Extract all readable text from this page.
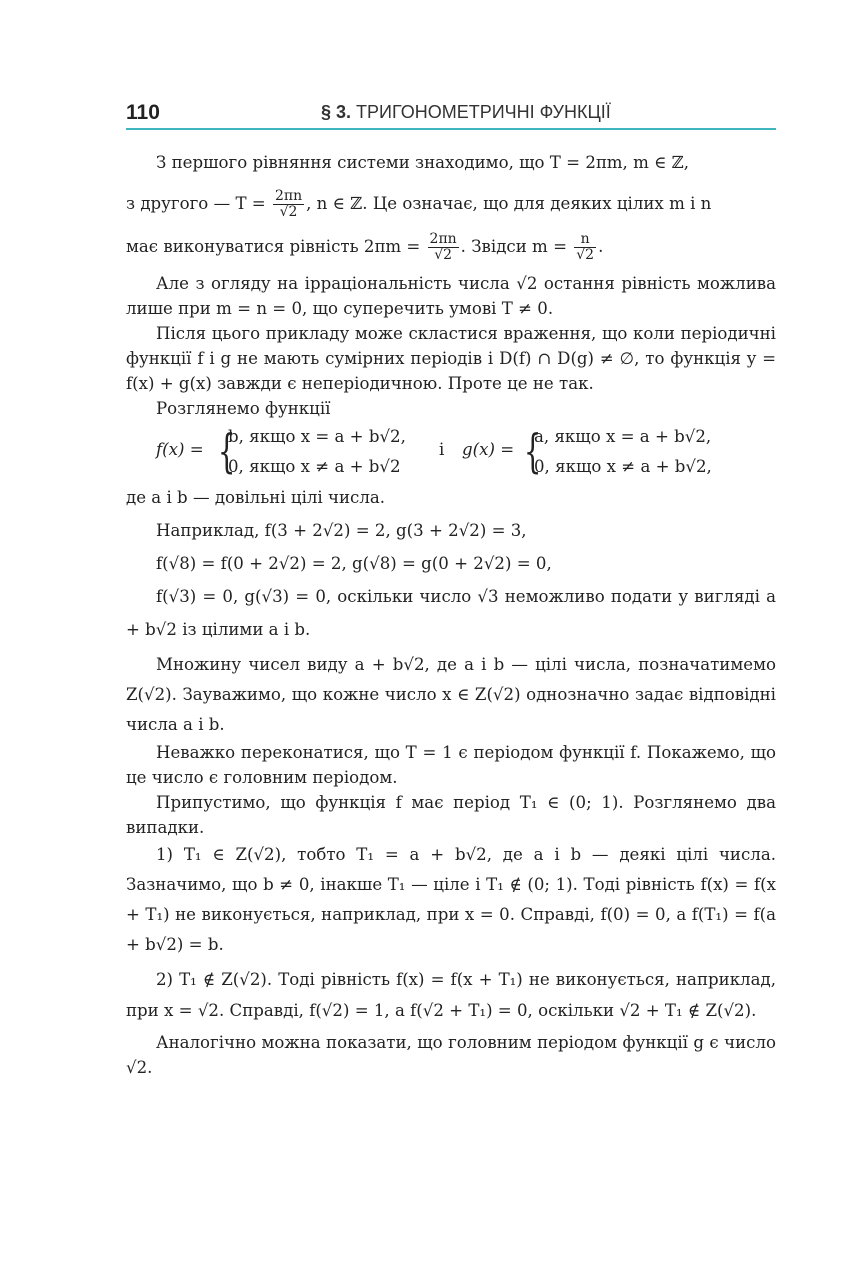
110	§ 3. ТРИГОНОМЕТРИЧНІ ФУНКЦІЇ

З першого рівняння системи знаходимо, що T = 2πm, m ∈ ℤ,

з другого — $T = \frac{2\pi n}{√2}$ , n ∈ ℤ. Це означає, що для деяких цілих m і n

має виконуватися рівність $2\pi m = \frac{2\pi n}{√2}$ . Звідси $m = \frac{n}{√2}$ .

Але з огляду на ірраціональність числа √2 остання рівність можлива лише при m = n = 0, що суперечить умові T ≠ 0.

Після цього прикладу може скластися враження, що коли періодичні функції f і g не мають сумірних періодів і D(f) ∩ D(g) ≠ ∅, то функція y = f(x) + g(x) завжди є неперіодичною. Проте це не так.

Розглянемо функції

f(x) = {
b, якщо x = a + b√2,
0, якщо x ≠ a + b√2
і g(x) = {
a, якщо x = a + b√2,
0, якщо x ≠ a + b√2,

де a і b — довільні цілі числа.

Наприклад, f(3 + 2√2) = 2, g(3 + 2√2) = 3,

f(√8) = f(0 + 2√2) = 2, g(√8) = g(0 + 2√2) = 0,

f(√3) = 0, g(√3) = 0, оскільки число √3 неможливо подати у вигляді a + b√2 із цілими a і b.

Множину чисел виду a + b√2, де a і b — цілі числа, позначатимемо Z(√2). Зауважимо, що кожне число x ∈ Z(√2) однозначно задає відповідні числа a і b.

Неважко переконатися, що T = 1 є періодом функції f. Покажемо, що це число є головним періодом.

Припустимо, що функція f має період T₁ ∈ (0; 1). Розглянемо два випадки.

1) T₁ ∈ Z(√2), тобто T₁ = a + b√2, де a і b — деякі цілі числа. Зазначимо, що b ≠ 0, інакше T₁ — ціле і T₁ ∉ (0; 1). Тоді рівність f(x) = f(x + T₁) не виконується, наприклад, при x = 0. Справді, f(0) = 0, а f(T₁) = f(a + b√2) = b.

2) T₁ ∉ Z(√2). Тоді рівність f(x) = f(x + T₁) не виконується, наприклад, при x = √2. Справді, f(√2) = 1, а f(√2 + T₁) = 0, оскільки √2 + T₁ ∉ Z(√2).

Аналогічно можна показати, що головним періодом функції g є число √2.
